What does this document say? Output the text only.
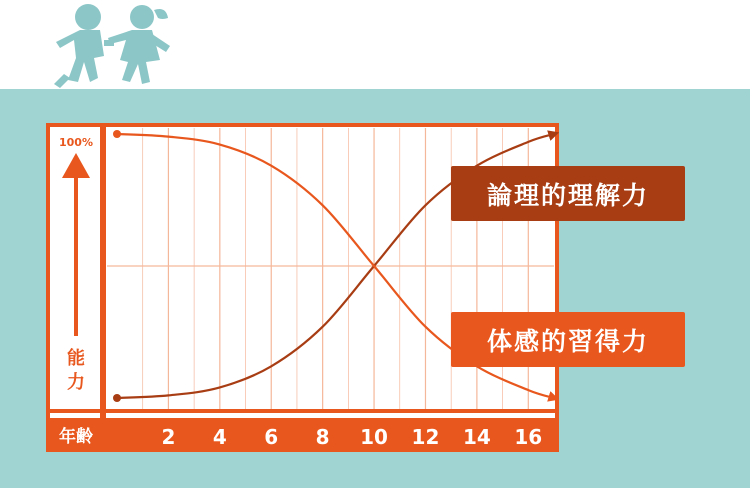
100%
能
力
年齢	2 4 6 8 10 12 14 16
論理的理解力
体感的習得力
